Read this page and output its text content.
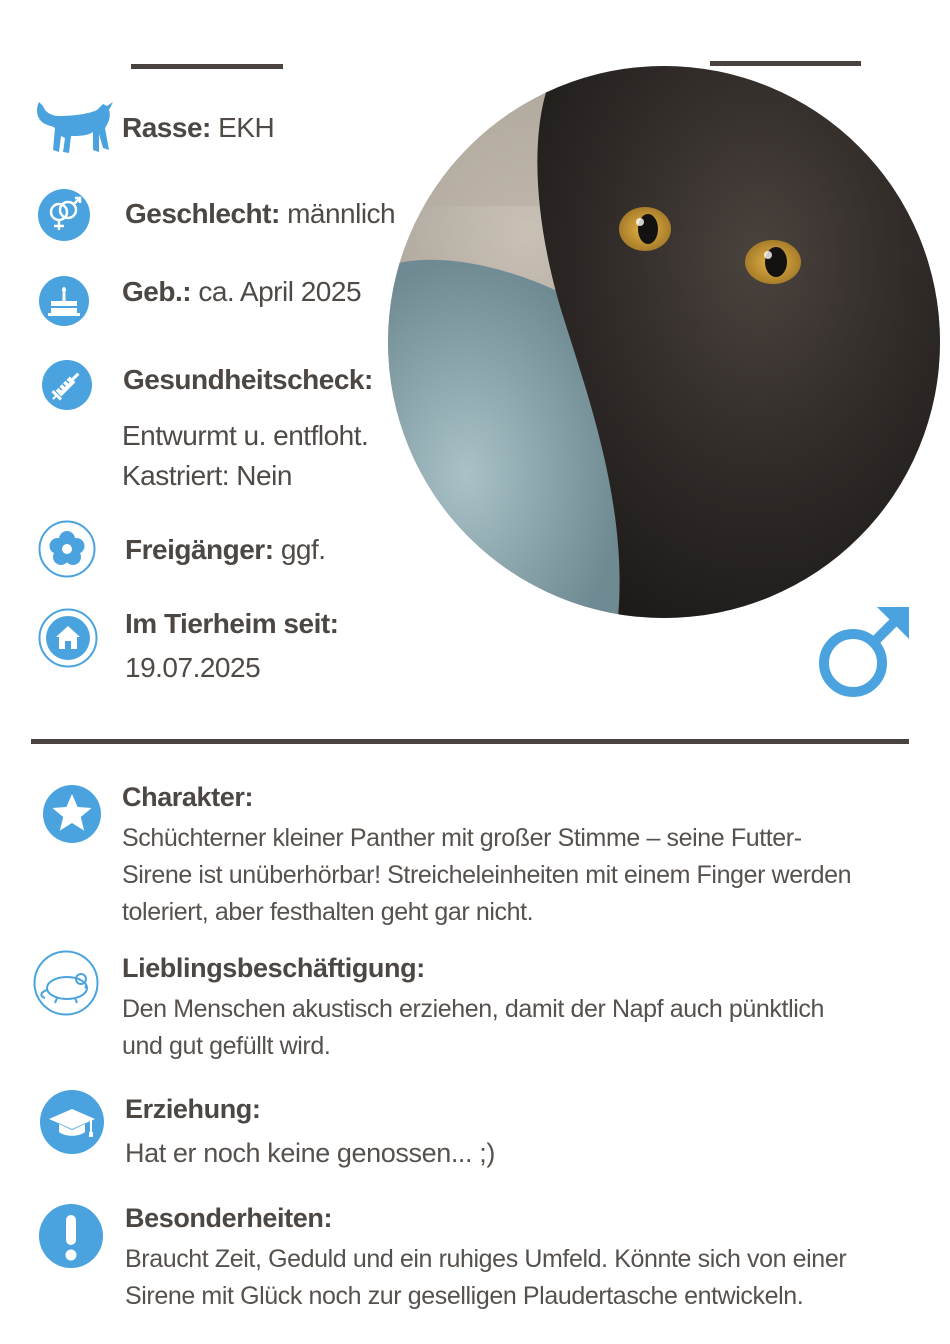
Rasse: EKH
Geschlecht: männlich
Geb.: ca. April 2025
Gesundheitscheck:
Entwurmt u. entfloht.
Kastriert: Nein
Freigänger: ggf.
Im Tierheim seit:
19.07.2025
Charakter:
Schüchterner kleiner Panther mit großer Stimme – seine Futter-
Sirene ist unüberhörbar! Streicheleinheiten mit einem Finger werden
toleriert, aber festhalten geht gar nicht.
Lieblingsbeschäftigung:
Den Menschen akustisch erziehen, damit der Napf auch pünktlich
und gut gefüllt wird.
Erziehung:
Hat er noch keine genossen... ;)
Besonderheiten:
Braucht Zeit, Geduld und ein ruhiges Umfeld. Könnte sich von einer
Sirene mit Glück noch zur geselligen Plaudertasche entwickeln.
